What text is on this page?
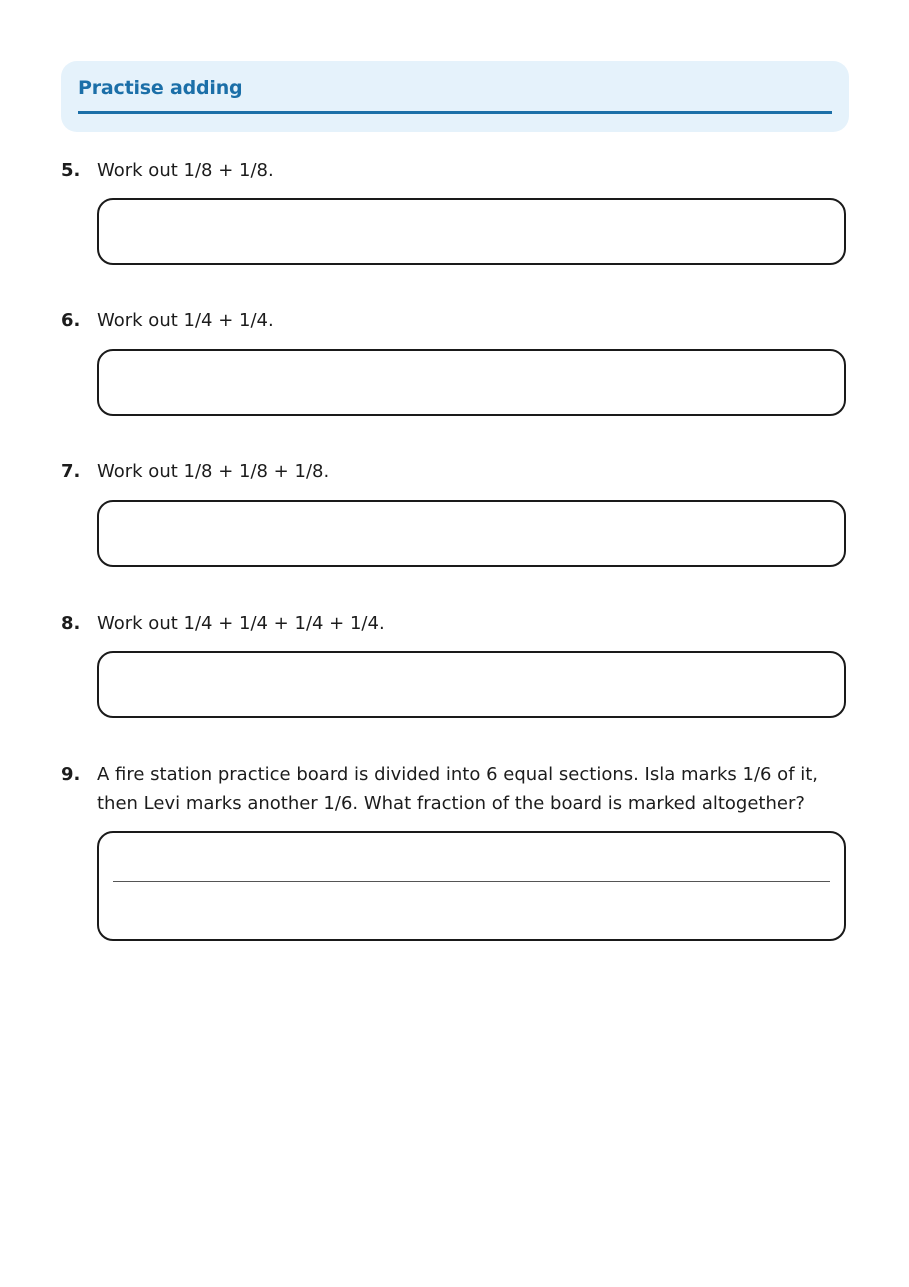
Practise adding
5. Work out 1/8 + 1/8.

6. Work out 1/4 + 1/4.

7. Work out 1/8 + 1/8 + 1/8.

8. Work out 1/4 + 1/4 + 1/4 + 1/4.

9. A fire station practice board is divided into 6 equal sections. Isla marks 1/6 of it, then Levi marks another 1/6. What fraction of the board is marked altogether?
